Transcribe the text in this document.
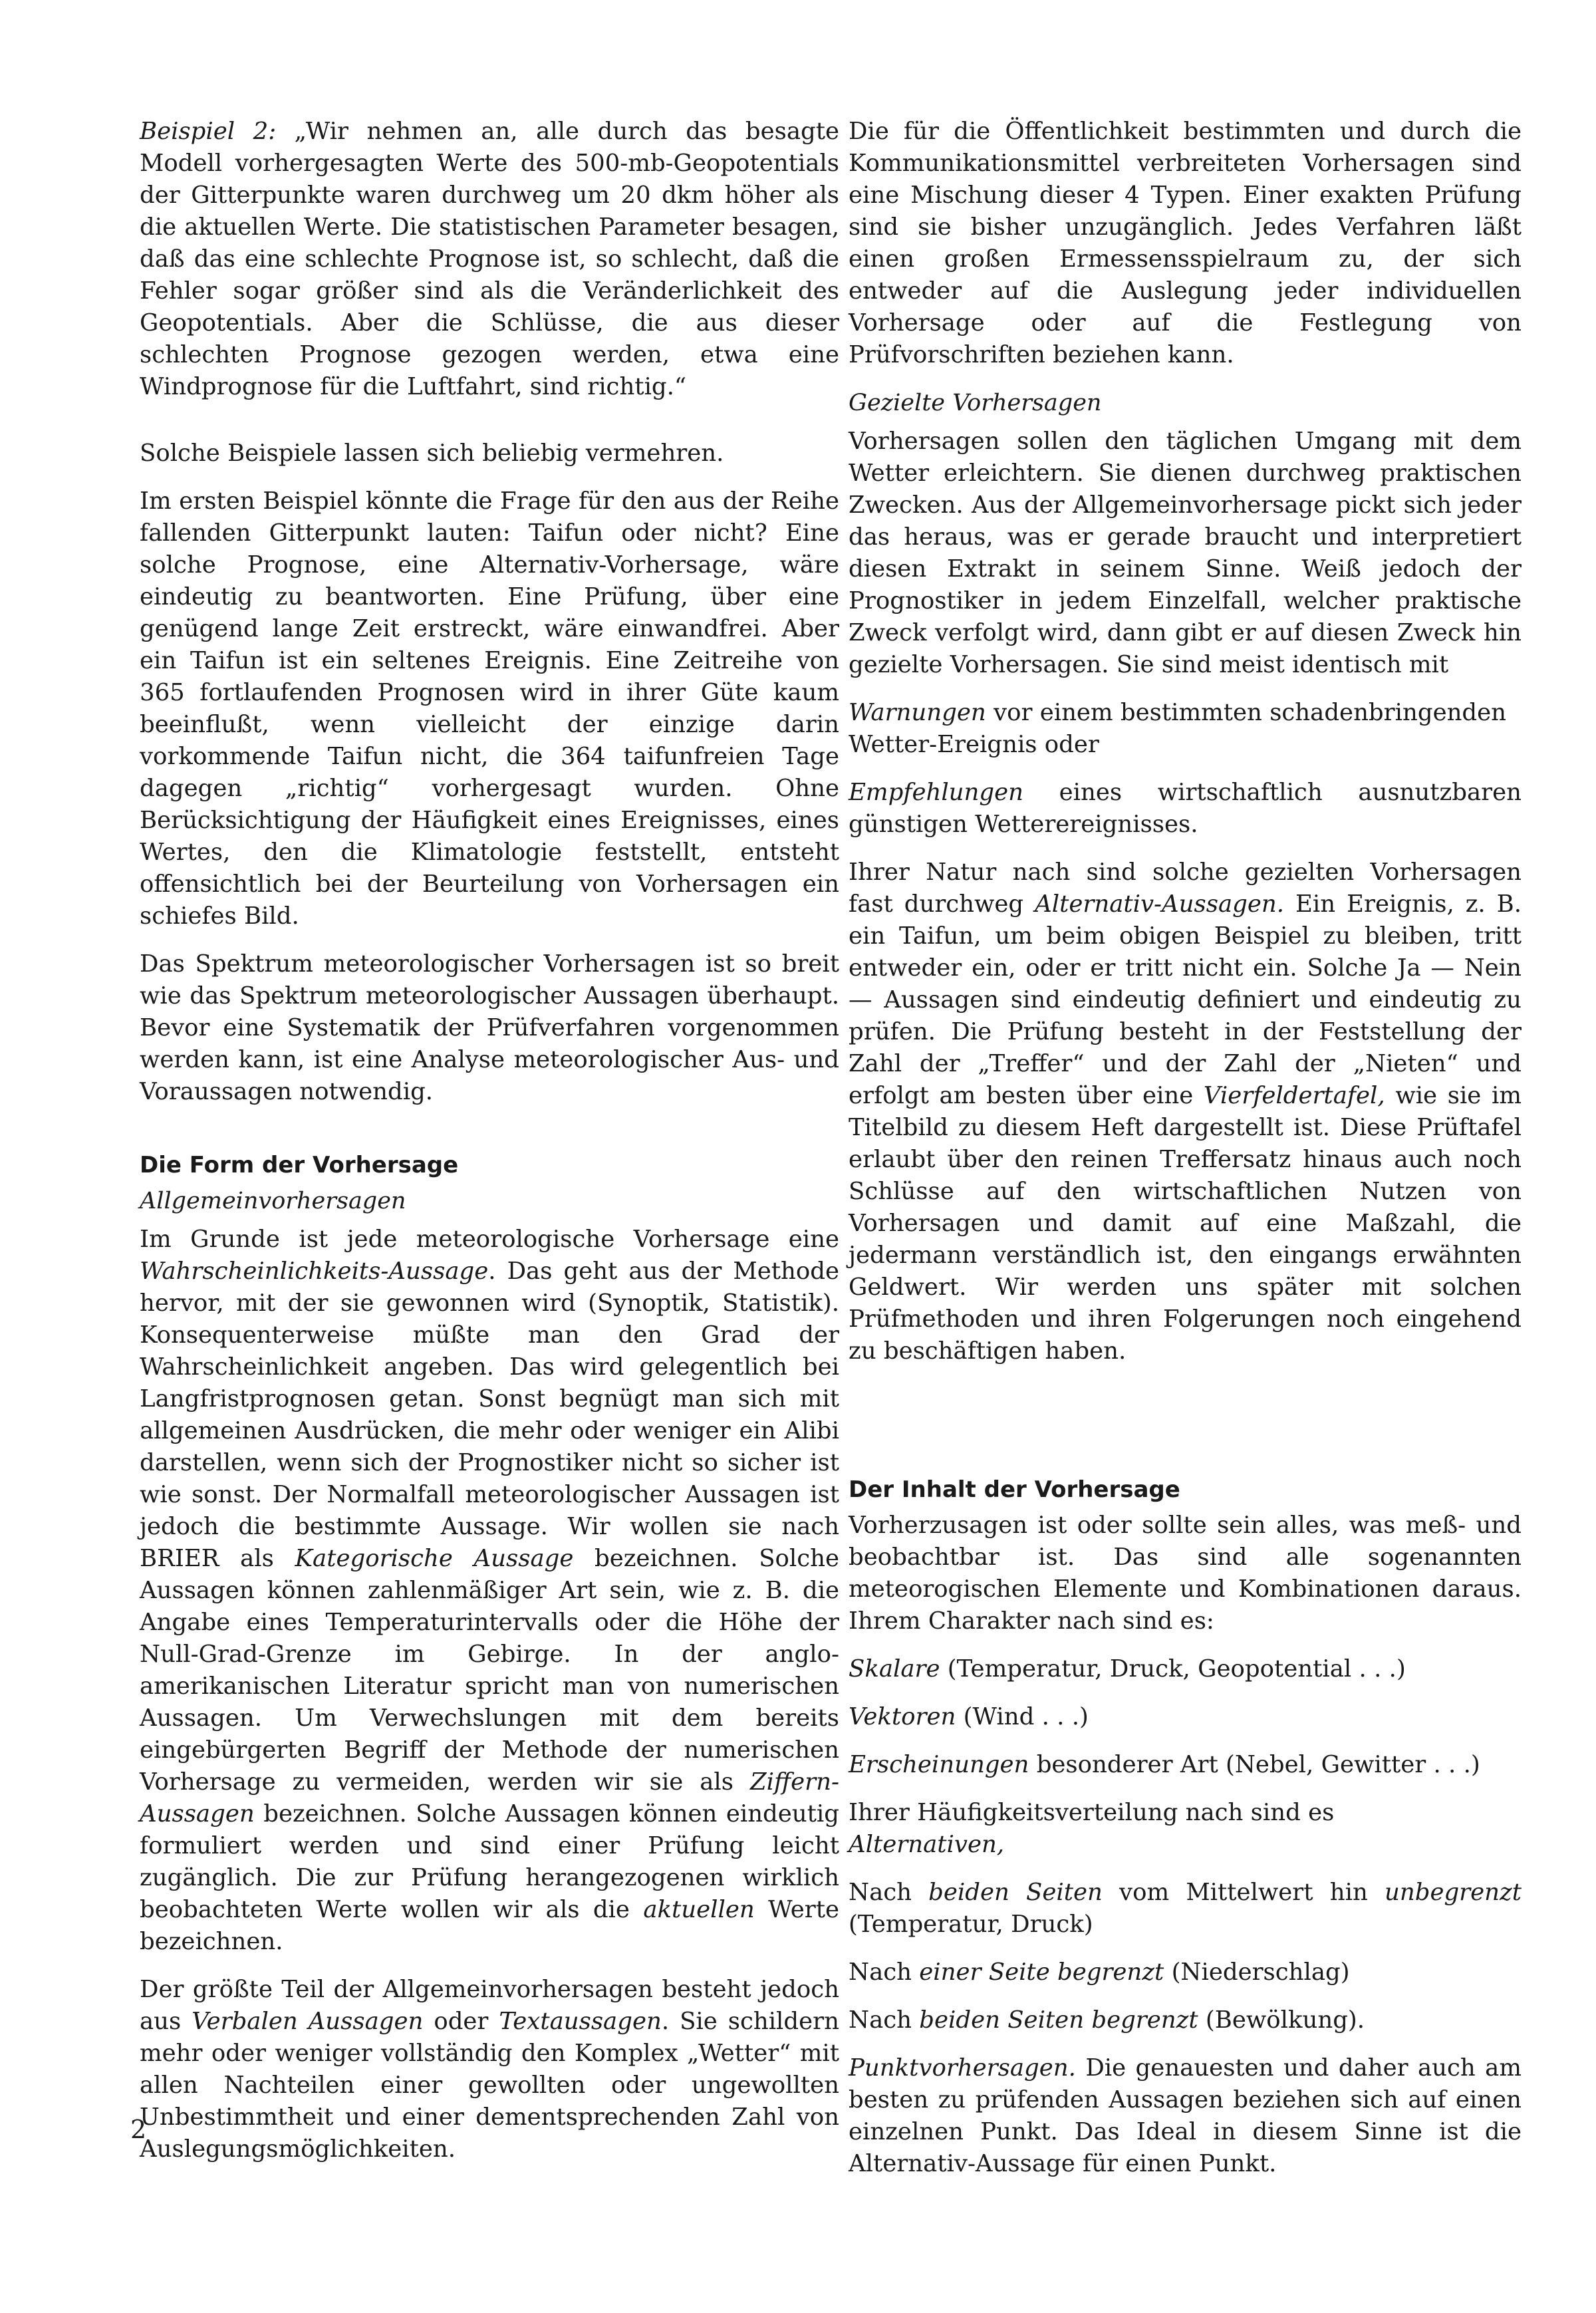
Beispiel 2: „Wir nehmen an, alle durch das besagte Modell vorhergesagten Werte des 500-mb-Geopotentials der Gitterpunkte waren durchweg um 20 dkm höher als die aktuellen Werte. Die statistischen Parameter besagen, daß das eine schlechte Prognose ist, so schlecht, daß die Fehler sogar größer sind als die Veränderlichkeit des Geopotentials. Aber die Schlüsse, die aus dieser schlechten Prognose gezogen werden, etwa eine Windprognose für die Luftfahrt, sind richtig.“

Solche Beispiele lassen sich beliebig vermehren.

Im ersten Beispiel könnte die Frage für den aus der Reihe fallenden Gitterpunkt lauten: Taifun oder nicht? Eine solche Prognose, eine Alternativ-Vorhersage, wäre eindeutig zu beantworten. Eine Prüfung, über eine genügend lange Zeit erstreckt, wäre einwandfrei. Aber ein Taifun ist ein seltenes Ereignis. Eine Zeitreihe von 365 fortlaufenden Prognosen wird in ihrer Güte kaum beeinflußt, wenn vielleicht der einzige darin vorkommende Taifun nicht, die 364 taifunfreien Tage dagegen „richtig“ vorhergesagt wurden. Ohne Berücksichtigung der Häufigkeit eines Ereignisses, eines Wertes, den die Klimatologie feststellt, entsteht offensichtlich bei der Beurteilung von Vorhersagen ein schiefes Bild.

Das Spektrum meteorologischer Vorhersagen ist so breit wie das Spektrum meteorologischer Aussagen überhaupt. Bevor eine Systematik der Prüfverfahren vorgenommen werden kann, ist eine Analyse meteorologischer Aus- und Voraussagen notwendig.

Die Form der Vorhersage
Allgemeinvorhersagen

Im Grunde ist jede meteorologische Vorhersage eine Wahrscheinlichkeits-Aussage. Das geht aus der Methode hervor, mit der sie gewonnen wird (Synoptik, Statistik). Konsequenterweise müßte man den Grad der Wahrscheinlichkeit angeben. Das wird gelegentlich bei Langfristprognosen getan. Sonst begnügt man sich mit allgemeinen Ausdrücken, die mehr oder weniger ein Alibi darstellen, wenn sich der Prognostiker nicht so sicher ist wie sonst. Der Normalfall meteorologischer Aussagen ist jedoch die bestimmte Aussage. Wir wollen sie nach BRIER als Kategorische Aussage bezeichnen. Solche Aussagen können zahlenmäßiger Art sein, wie z. B. die Angabe eines Temperaturintervalls oder die Höhe der Null-Grad-Grenze im Gebirge. In der anglo-amerikanischen Literatur spricht man von numerischen Aussagen. Um Verwechslungen mit dem bereits eingebürgerten Begriff der Methode der numerischen Vorhersage zu vermeiden, werden wir sie als Ziffern-Aussagen bezeichnen. Solche Aussagen können eindeutig formuliert werden und sind einer Prüfung leicht zugänglich. Die zur Prüfung herangezogenen wirklich beobachteten Werte wollen wir als die aktuellen Werte bezeichnen.

Der größte Teil der Allgemeinvorhersagen besteht jedoch aus Verbalen Aussagen oder Textaussagen. Sie schildern mehr oder weniger vollständig den Komplex „Wetter“ mit allen Nachteilen einer gewollten oder ungewollten Unbestimmtheit und einer dementsprechenden Zahl von Auslegungsmöglichkeiten.

Die für die Öffentlichkeit bestimmten und durch die Kommunikationsmittel verbreiteten Vorhersagen sind eine Mischung dieser 4 Typen. Einer exakten Prüfung sind sie bisher unzugänglich. Jedes Verfahren läßt einen großen Ermessensspielraum zu, der sich entweder auf die Auslegung jeder individuellen Vorhersage oder auf die Festlegung von Prüfvorschriften beziehen kann.

Gezielte Vorhersagen

Vorhersagen sollen den täglichen Umgang mit dem Wetter erleichtern. Sie dienen durchweg praktischen Zwecken. Aus der Allgemeinvorhersage pickt sich jeder das heraus, was er gerade braucht und interpretiert diesen Extrakt in seinem Sinne. Weiß jedoch der Prognostiker in jedem Einzelfall, welcher praktische Zweck verfolgt wird, dann gibt er auf diesen Zweck hin gezielte Vorhersagen. Sie sind meist identisch mit

Warnungen vor einem bestimmten schadenbringenden Wetter-Ereignis oder

Empfehlungen eines wirtschaftlich ausnutzbaren günstigen Wetterereignisses.

Ihrer Natur nach sind solche gezielten Vorhersagen fast durchweg Alternativ-Aussagen. Ein Ereignis, z. B. ein Taifun, um beim obigen Beispiel zu bleiben, tritt entweder ein, oder er tritt nicht ein. Solche Ja — Nein — Aussagen sind eindeutig definiert und eindeutig zu prüfen. Die Prüfung besteht in der Feststellung der Zahl der „Treffer“ und der Zahl der „Nieten“ und erfolgt am besten über eine Vierfeldertafel, wie sie im Titelbild zu diesem Heft dargestellt ist. Diese Prüftafel erlaubt über den reinen Treffersatz hinaus auch noch Schlüsse auf den wirtschaftlichen Nutzen von Vorhersagen und damit auf eine Maßzahl, die jedermann verständlich ist, den eingangs erwähnten Geldwert. Wir werden uns später mit solchen Prüfmethoden und ihren Folgerungen noch eingehend zu beschäftigen haben.

Der Inhalt der Vorhersage

Vorherzusagen ist oder sollte sein alles, was meß- und beobachtbar ist. Das sind alle sogenannten meteorogischen Elemente und Kombinationen daraus. Ihrem Charakter nach sind es:

Skalare (Temperatur, Druck, Geopotential . . .)

Vektoren (Wind . . .)

Erscheinungen besonderer Art (Nebel, Gewitter . . .)

Ihrer Häufigkeitsverteilung nach sind es
Alternativen,

Nach beiden Seiten vom Mittelwert hin unbegrenzt (Temperatur, Druck)

Nach einer Seite begrenzt (Niederschlag)

Nach beiden Seiten begrenzt (Bewölkung).

Punktvorhersagen. Die genauesten und daher auch am besten zu prüfenden Aussagen beziehen sich auf einen einzelnen Punkt. Das Ideal in diesem Sinne ist die Alternativ-Aussage für einen Punkt.

2
